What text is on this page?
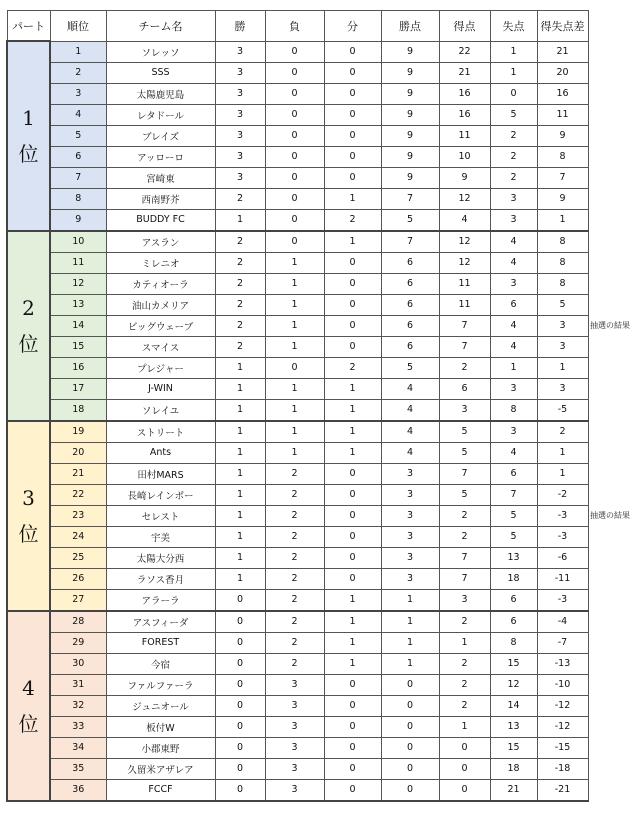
パート	順位	チーム名	勝	負	分	勝点	得点	失点	得失点差

1
位	1	ソレッソ	3	0	0	9	22	1	21
	2	SSS	3	0	0	9	21	1	20
	3	太陽鹿児島	3	0	0	9	16	0	16
	4	レタドール	3	0	0	9	16	5	11
	5	ブレイズ	3	0	0	9	11	2	9
	6	アッローロ	3	0	0	9	10	2	8
	7	宮崎東	3	0	0	9	9	2	7
	8	西南野芥	2	0	1	7	12	3	9
	9	BUDDY FC	1	0	2	5	4	3	1

2
位	10	アスラン	2	0	1	7	12	4	8
	11	ミレニオ	2	1	0	6	12	4	8
	12	カティオーラ	2	1	0	6	11	3	8
	13	油山カメリア	2	1	0	6	11	6	5
	14	ビッグウェーブ	2	1	0	6	7	4	3
	15	スマイス	2	1	0	6	7	4	3
	16	プレジャー	1	0	2	5	2	1	1
	17	J-WIN	1	1	1	4	6	3	3
	18	ソレイユ	1	1	1	4	3	8	-5

3
位	19	ストリート	1	1	1	4	5	3	2
	20	Ants	1	1	1	4	5	4	1
	21	田村MARS	1	2	0	3	7	6	1
	22	長崎レインボー	1	2	0	3	5	7	-2
	23	セレスト	1	2	0	3	2	5	-3
	24	宇美	1	2	0	3	2	5	-3
	25	太陽大分西	1	2	0	3	7	13	-6
	26	ラソス香月	1	2	0	3	7	18	-11
	27	アラーラ	0	2	1	1	3	6	-3

4
位	28	アスフィーダ	0	2	1	1	2	6	-4
	29	FOREST	0	2	1	1	1	8	-7
	30	今宿	0	2	1	1	2	15	-13
	31	ファルファーラ	0	3	0	0	2	12	-10
	32	ジュニオール	0	3	0	0	2	14	-12
	33	板付W	0	3	0	0	1	13	-12
	34	小郡東野	0	3	0	0	0	15	-15
	35	久留米アザレア	0	3	0	0	0	18	-18
	36	FCCF	0	3	0	0	0	21	-21
抽選の結果
抽選の結果
